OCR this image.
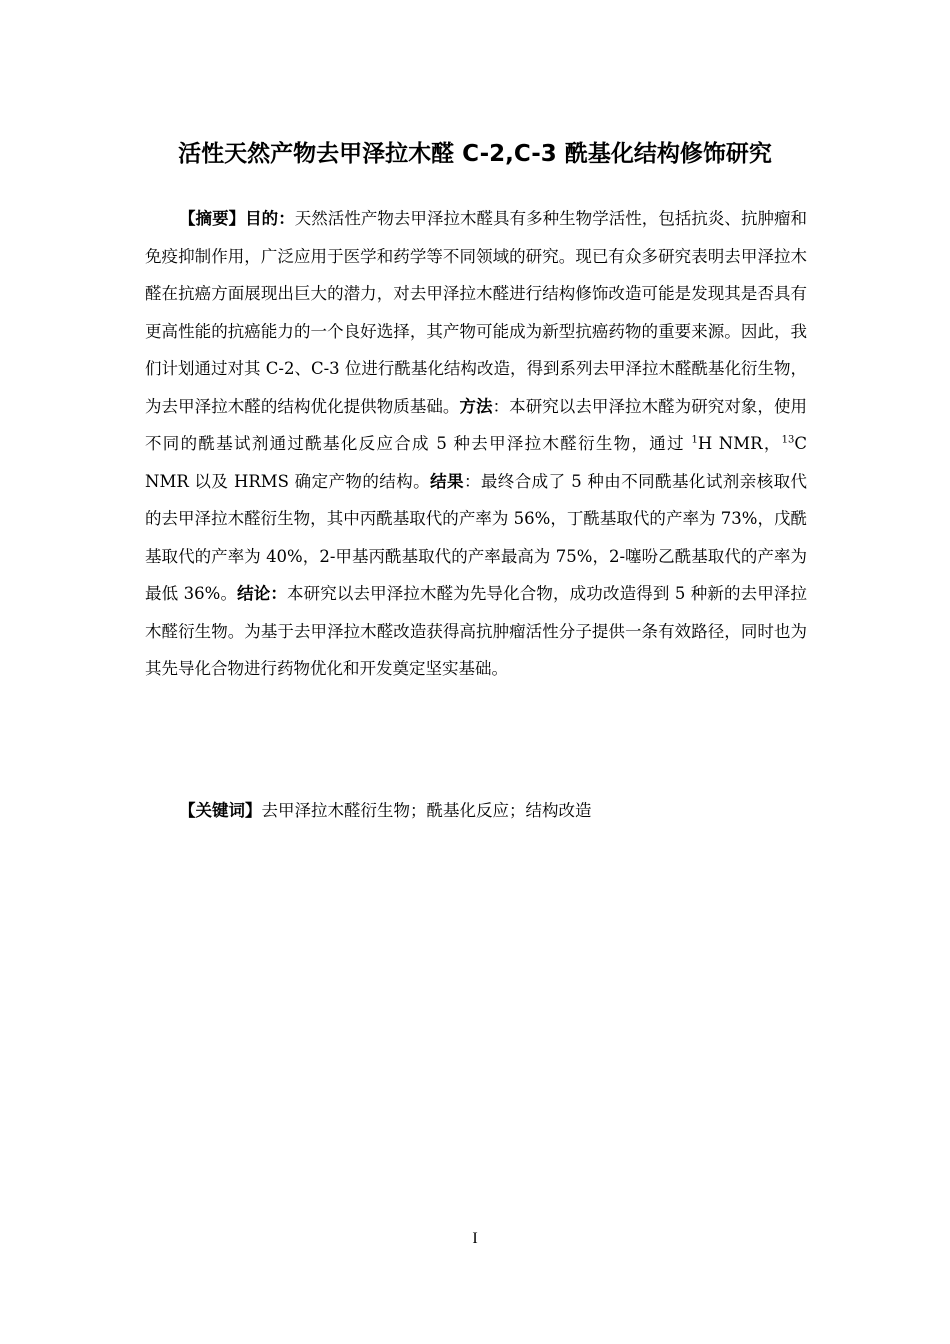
活性天然产物去甲泽拉木醛 C-2,C-3 酰基化结构修饰研究
【摘要】目的：天然活性产物去甲泽拉木醛具有多种生物学活性，包括抗炎、抗肿瘤和免疫抑制作用，广泛应用于医学和药学等不同领域的研究。现已有众多研究表明去甲泽拉木醛在抗癌方面展现出巨大的潜力，对去甲泽拉木醛进行结构修饰改造可能是发现其是否具有更高性能的抗癌能力的一个良好选择，其产物可能成为新型抗癌药物的重要来源。因此，我们计划通过对其 C-2、C-3 位进行酰基化结构改造，得到系列去甲泽拉木醛酰基化衍生物，为去甲泽拉木醛的结构优化提供物质基础。方法：本研究以去甲泽拉木醛为研究对象，使用不同的酰基试剂通过酰基化反应合成 5 种去甲泽拉木醛衍生物，通过 $^1$H NMR，$^{13}$C NMR 以及 HRMS 确定产物的结构。结果：最终合成了 5 种由不同酰基化试剂亲核取代的去甲泽拉木醛衍生物，其中丙酰基取代的产率为 56%，丁酰基取代的产率为 73%，戊酰基取代的产率为 40%，2-甲基丙酰基取代的产率最高为 75%，2-噻吩乙酰基取代的产率为最低 36%。结论：本研究以去甲泽拉木醛为先导化合物，成功改造得到 5 种新的去甲泽拉木醛衍生物。为基于去甲泽拉木醛改造获得高抗肿瘤活性分子提供一条有效路径，同时也为其先导化合物进行药物优化和开发奠定坚实基础。
【关键词】去甲泽拉木醛衍生物；酰基化反应；结构改造
I
